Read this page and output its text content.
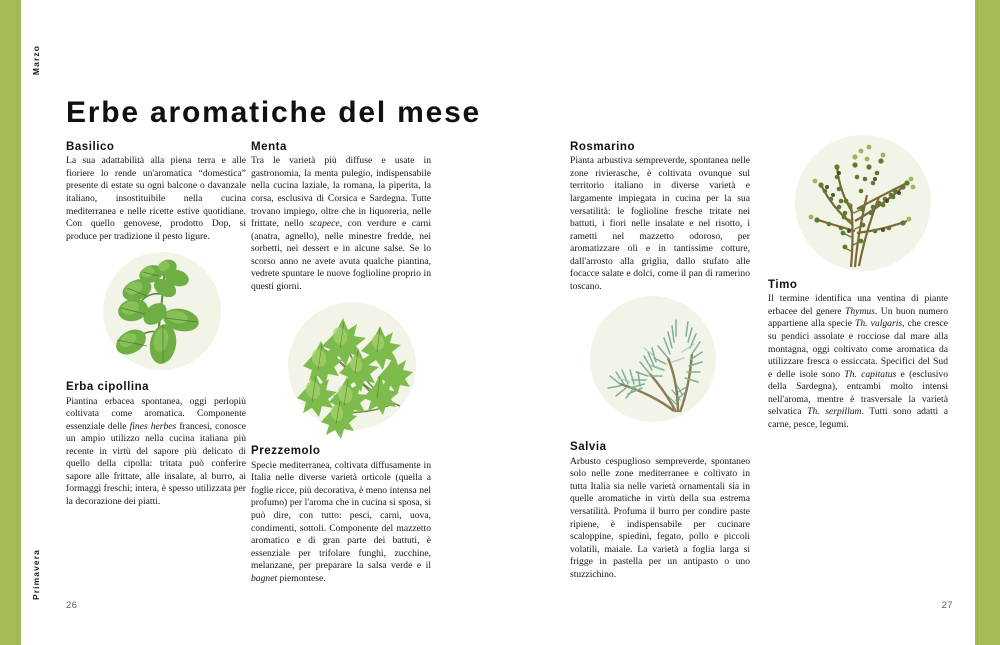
Marzo
Primavera
Erbe aromatiche del mese
Basilico

La sua adattabilità alla piena terra e alle fioriere lo rende un'aromatica “domestica” presente di estate su ogni balcone o davanzale italiano, insostituibile nella cucina mediterranea e nelle ricette estive quotidiane. Con quello genovese, prodotto Dop, si produce per tradizione il pesto ligure.

Erba cipollina

Piantina erbacea spontanea, oggi perlopiù coltivata come aromatica. Componente essenziale delle fines herbes francesi, conosce un ampio utilizzo nella cucina italiana più recente in virtù del sapore più delicato di quello della cipolla: tritata può conferire sapore alle frittate, alle insalate, al burro, ai formaggi freschi; intera, è spesso utilizzata per la decorazione dei piatti.

Menta

Tra le varietà più diffuse e usate in gastronomia, la menta pulegio, indispensabile nella cucina laziale, la romana, la piperita, la corsa, esclusiva di Corsica e Sardegna. Tutte trovano impiego, oltre che in liquoreria, nelle frittate, nello scapece, con verdure e carni (anatra, agnello), nelle minestre fredde, nei sorbetti, nei dessert e in alcune salse. Se lo scorso anno ne avete avuta qualche piantina, vedrete spuntare le nuove foglioline proprio in questi giorni.

Prezzemolo

Specie mediterranea, coltivata diffusamente in Italia nelle diverse varietà orticole (quella a foglie ricce, più decorativa, è meno intensa nel profumo) per l'aroma che in cucina si sposa, si può dire, con tutto: pesci, carni, uova, condimenti, sottoli. Componente del mazzetto aromatico e di gran parte dei battuti, è essenziale per trifolare funghi, zucchine, melanzane, per preparare la salsa verde e il bagnet piemontese.

Rosmarino

Pianta arbustiva sempreverde, spontanea nelle zone rivierasche, è coltivata ovunque sul territorio italiano in diverse varietà e largamente impiegata in cucina per la sua versatilità: le foglioline fresche tritate nei battuti, i fiori nelle insalate e nel risotto, i rametti nel mazzetto odoroso, per aromatizzare oli e in tantissime cotture, dall'arrosto alla griglia, dallo stufato alle focacce salate e dolci, come il pan di ramerino toscano.

Salvia

Arbusto cespuglioso sempreverde, spontaneo solo nelle zone mediterranee e coltivato in tutta Italia sia nelle varietà ornamentali sia in quelle aromatiche in virtù della sua estrema versatilità. Profuma il burro per condire paste ripiene, è indispensabile per cucinare scaloppine, spiedini, fegato, pollo e piccoli volatili, maiale. La varietà a foglia larga si frigge in pastella per un antipasto o uno stuzzichino.

Timo

Il termine identifica una ventina di piante erbacee del genere Thymus. Un buon numero appartiene alla specie Th. vulgaris, che cresce su pendici assolate e rocciose dal mare alla montagna, oggi coltivato come aromatica da utilizzare fresca o essiccata. Specifici del Sud e delle isole sono Th. capitatus e (esclusivo della Sardegna), entrambi molto intensi nell'aroma, mentre è trasversale la varietà selvatica Th. serpillum. Tutti sono adatti a carne, pesce, legumi.

26	27
